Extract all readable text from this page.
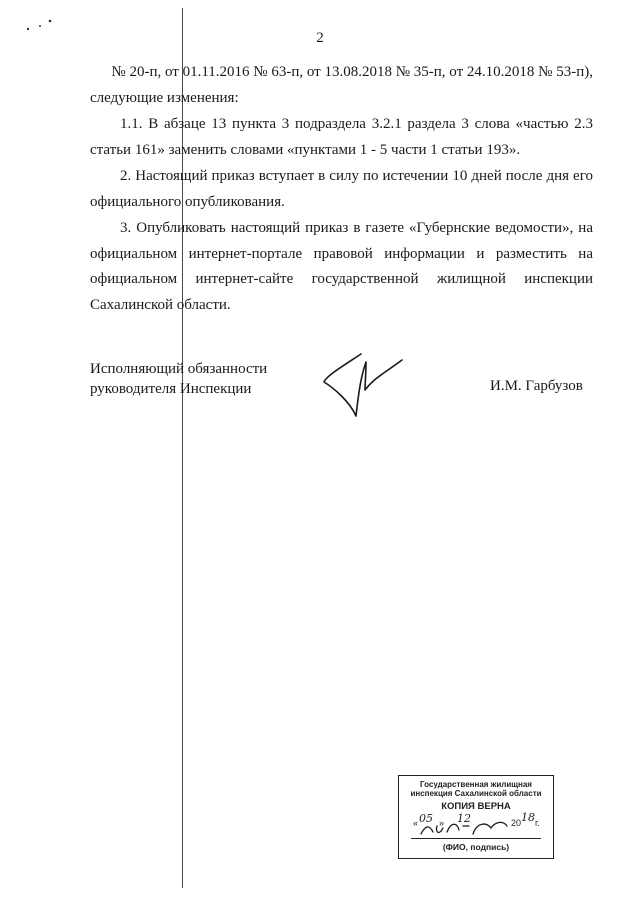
2

№ 20-п, от 01.11.2016 № 63-п, от 13.08.2018 № 35-п, от 24.10.2018 № 53-п),

следующие изменения:

1.1. В абзаце 13 пункта 3 подраздела 3.2.1 раздела 3 слова «частью 2.3 статьи 161» заменить словами «пунктами 1 - 5 части 1 статьи 193».

2. Настоящий приказ вступает в силу по истечении 10 дней после дня его официального опубликования.

3. Опубликовать настоящий приказ в газете «Губернские ведомости», на официальном интернет-портале правовой информации и разместить на официальном интернет-сайте государственной жилищной инспекции Сахалинской области.

Исполняющий обязанности
руководителя Инспекции	И.М. Гарбузов
Государственная жилищная
инспекция Сахалинской области
КОПИЯ ВЕРНА
« 05 » 12	20 18 г.
(ФИО, подпись)
